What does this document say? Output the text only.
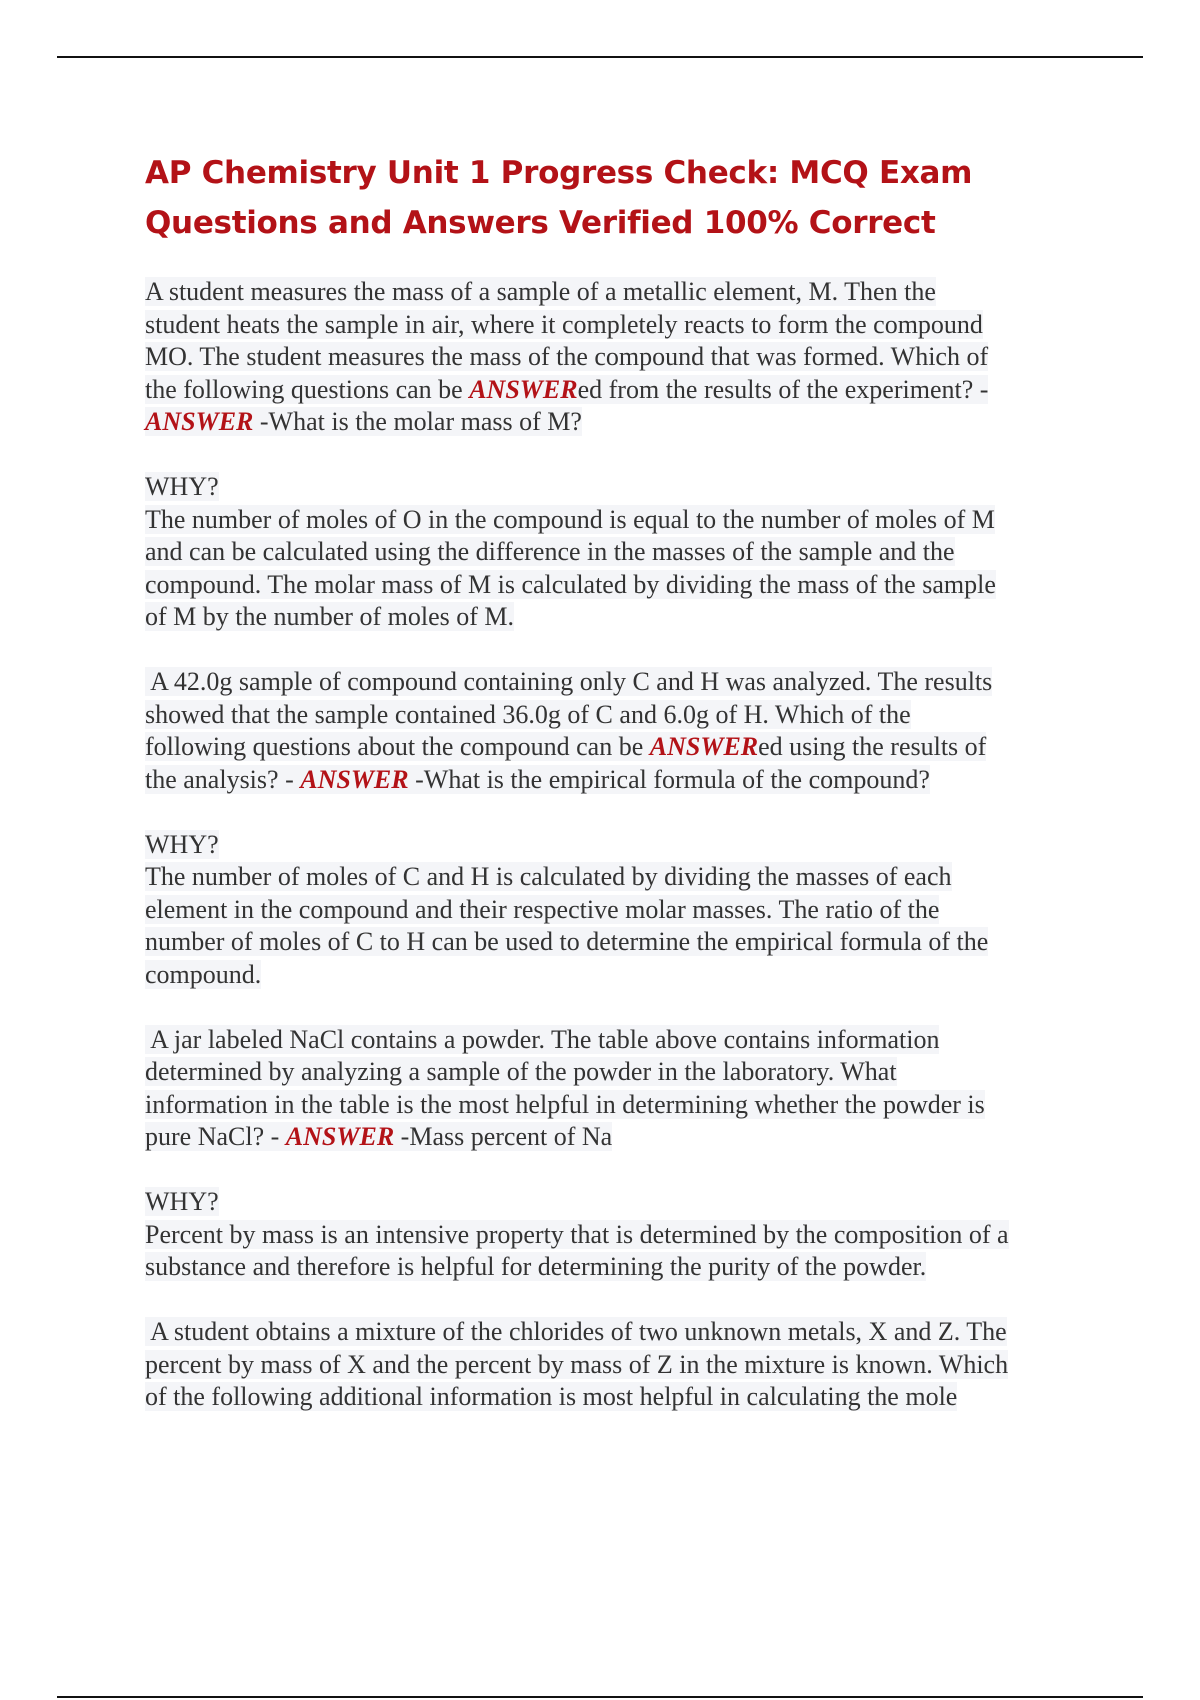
AP Chemistry Unit 1 Progress Check: MCQ Exam
Questions and Answers Verified 100% Correct
A student measures the mass of a sample of a metallic element, M. Then the
student heats the sample in air, where it completely reacts to form the compound
MO. The student measures the mass of the compound that was formed. Which of
the following questions can be ANSWERed from the results of the experiment? -
ANSWER -What is the molar mass of M?
WHY?
The number of moles of O in the compound is equal to the number of moles of M
and can be calculated using the difference in the masses of the sample and the
compound. The molar mass of M is calculated by dividing the mass of the sample
of M by the number of moles of M.
A 42.0g sample of compound containing only C and H was analyzed. The results
showed that the sample contained 36.0g of C and 6.0g of H. Which of the
following questions about the compound can be ANSWERed using the results of
the analysis? - ANSWER -What is the empirical formula of the compound?
WHY?
The number of moles of C and H is calculated by dividing the masses of each
element in the compound and their respective molar masses. The ratio of the
number of moles of C to H can be used to determine the empirical formula of the
compound.
A jar labeled NaCl contains a powder. The table above contains information
determined by analyzing a sample of the powder in the laboratory. What
information in the table is the most helpful in determining whether the powder is
pure NaCl? - ANSWER -Mass percent of Na
WHY?
Percent by mass is an intensive property that is determined by the composition of a
substance and therefore is helpful for determining the purity of the powder.
A student obtains a mixture of the chlorides of two unknown metals, X and Z. The
percent by mass of X and the percent by mass of Z in the mixture is known. Which
of the following additional information is most helpful in calculating the mole
